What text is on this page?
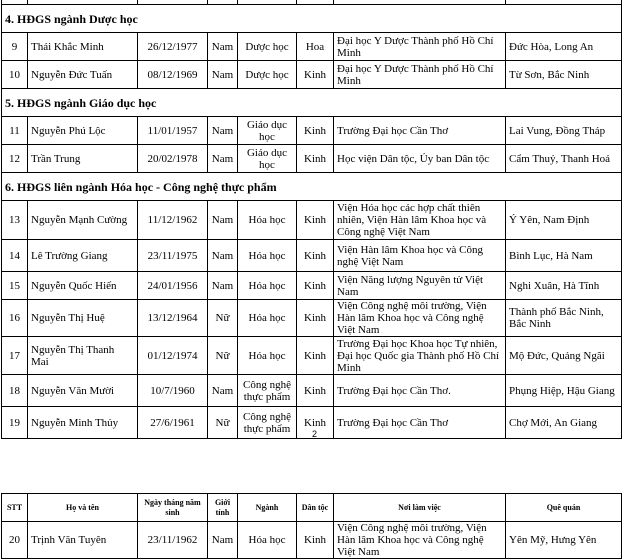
4. HĐGS ngành Dược học							
9	Thái Khắc Minh	26/12/1977	Nam	Dược học	Hoa	Đại học Y Dược Thành phố Hồ Chí Minh	Đức Hòa, Long An
10	Nguyễn Đức Tuấn	08/12/1969	Nam	Dược học	Kinh	Đại học Y Dược Thành phố Hồ Chí Minh	Từ Sơn, Bắc Ninh
5. HĐGS ngành Giáo dục học							
11	Nguyễn Phú Lộc	11/01/1957	Nam	Giáo dục học	Kinh	Trường Đại học Cần Thơ	Lai Vung, Đồng Tháp
12	Trần Trung	20/02/1978	Nam	Giáo dục học	Kinh	Học viện Dân tộc, Ủy ban Dân tộc	Cẩm Thuỷ, Thanh Hoá
6. HĐGS liên ngành Hóa học - Công nghệ thực phẩm							
13	Nguyễn Mạnh Cường	11/12/1962	Nam	Hóa học	Kinh	Viện Hóa học các hợp chất thiên nhiên, Viện Hàn lâm Khoa học và Công nghệ Việt Nam	Ý Yên, Nam Định
14	Lê Trường Giang	23/11/1975	Nam	Hóa học	Kinh	Viện Hàn lâm Khoa học và Công nghệ Việt Nam	Bình Lục, Hà Nam
15	Nguyễn Quốc Hiến	24/01/1956	Nam	Hóa học	Kinh	Viện Năng lượng Nguyên tử Việt Nam	Nghi Xuân, Hà Tĩnh
16	Nguyễn Thị Huệ	13/12/1964	Nữ	Hóa học	Kinh	Viện Công nghệ môi trường, Viện Hàn lâm Khoa học và Công nghệ Việt Nam	Thành phố Bắc Ninh, Bắc Ninh
17	Nguyễn Thị Thanh Mai	01/12/1974	Nữ	Hóa học	Kinh	Trường Đại học Khoa học Tự nhiên, Đại học Quốc gia Thành phố Hồ Chí Minh	Mộ Đức, Quảng Ngãi
18	Nguyễn Văn Mười	10/7/1960	Nam	Công nghệ thực phẩm	Kinh	Trường Đại học Cần Thơ.	Phụng Hiệp, Hậu Giang
19	Nguyễn Minh Thủy	27/6/1961	Nữ	Công nghệ thực phẩm	Kinh	Trường Đại học Cần Thơ	Chợ Mới, An Giang
2
STT	Họ và tên	Ngày tháng năm sinh	Giới tính	Ngành	Dân tộc	Nơi làm việc	Quê quán
20	Trịnh Văn Tuyên	23/11/1962	Nam	Hóa học	Kinh	Viện Công nghệ môi trường, Viện Hàn lâm Khoa học và Công nghệ Việt Nam	Yên Mỹ, Hưng Yên
